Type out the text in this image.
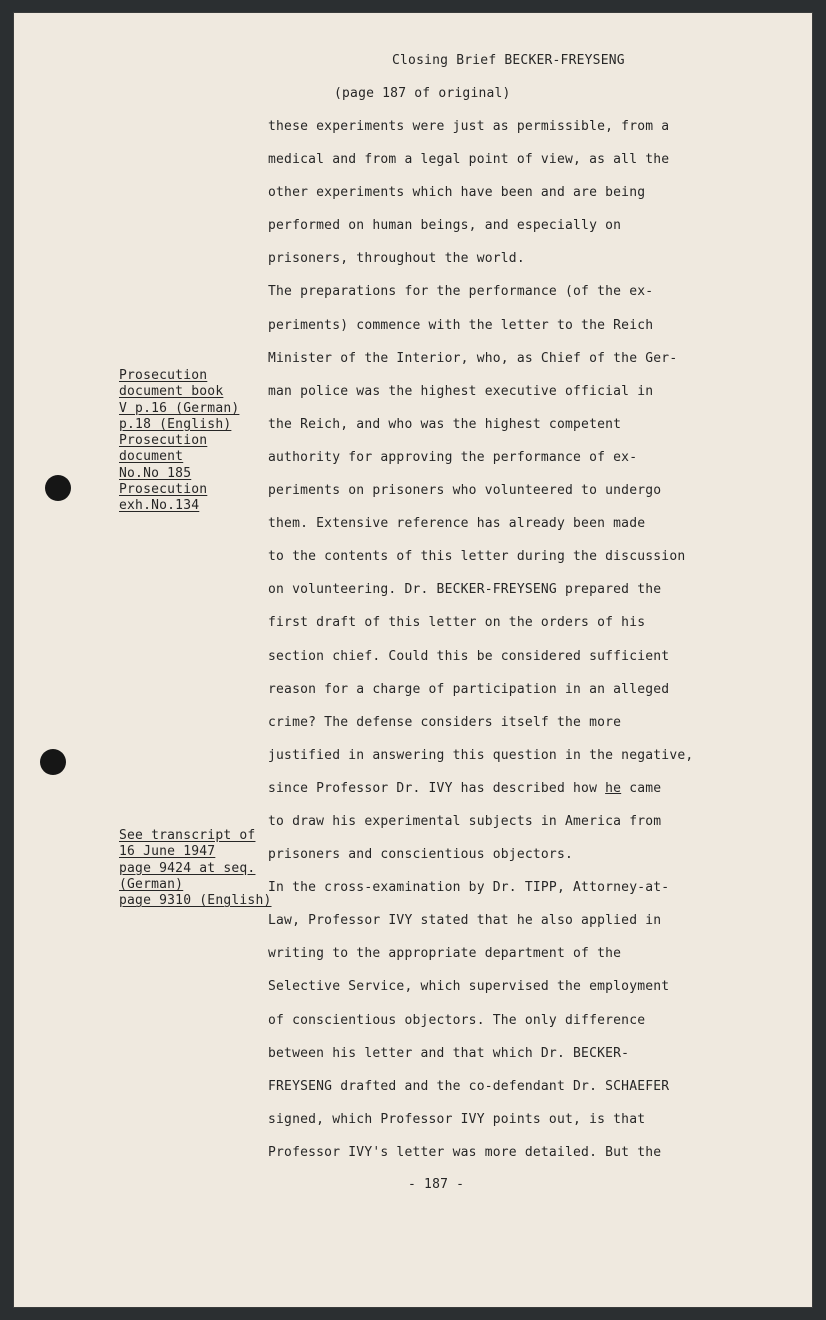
Closing Brief BECKER-FREYSENG
(page 187 of original)
Prosecution
document book
V p.16 (German)
p.18 (English)
Prosecution
document
No.No 185
Prosecution
exh.No.134
See transcript of
16 June 1947
page 9424 at seq.
(German)
page 9310 (English)
these experiments were just as permissible, from a
medical and from a legal point of view, as all the
other experiments which have been and are being
performed on human beings, and especially on
prisoners, throughout the world.
The preparations for the performance (of the ex-
periments) commence with the letter to the Reich
Minister of the Interior, who, as Chief of the Ger-
man police was the highest executive official in
the Reich, and who was the highest competent
authority for approving the performance of ex-
periments on prisoners who volunteered to undergo
them. Extensive reference has already been made
to the contents of this letter during the discussion
on volunteering. Dr. BECKER-FREYSENG prepared the
first draft of this letter on the orders of his
section chief. Could this be considered sufficient
reason for a charge of participation in an alleged
crime? The defense considers itself the more
justified in answering this question in the negative,
since Professor Dr. IVY has described how he came
to draw his experimental subjects in America from
prisoners and conscientious objectors.
In the cross-examination by Dr. TIPP, Attorney-at-
Law, Professor IVY stated that he also applied in
writing to the appropriate department of the
Selective Service, which supervised the employment
of conscientious objectors. The only difference
between his letter and that which Dr. BECKER-
FREYSENG drafted and the co-defendant Dr. SCHAEFER
signed, which Professor IVY points out, is that
Professor IVY's letter was more detailed. But the
- 187 -
